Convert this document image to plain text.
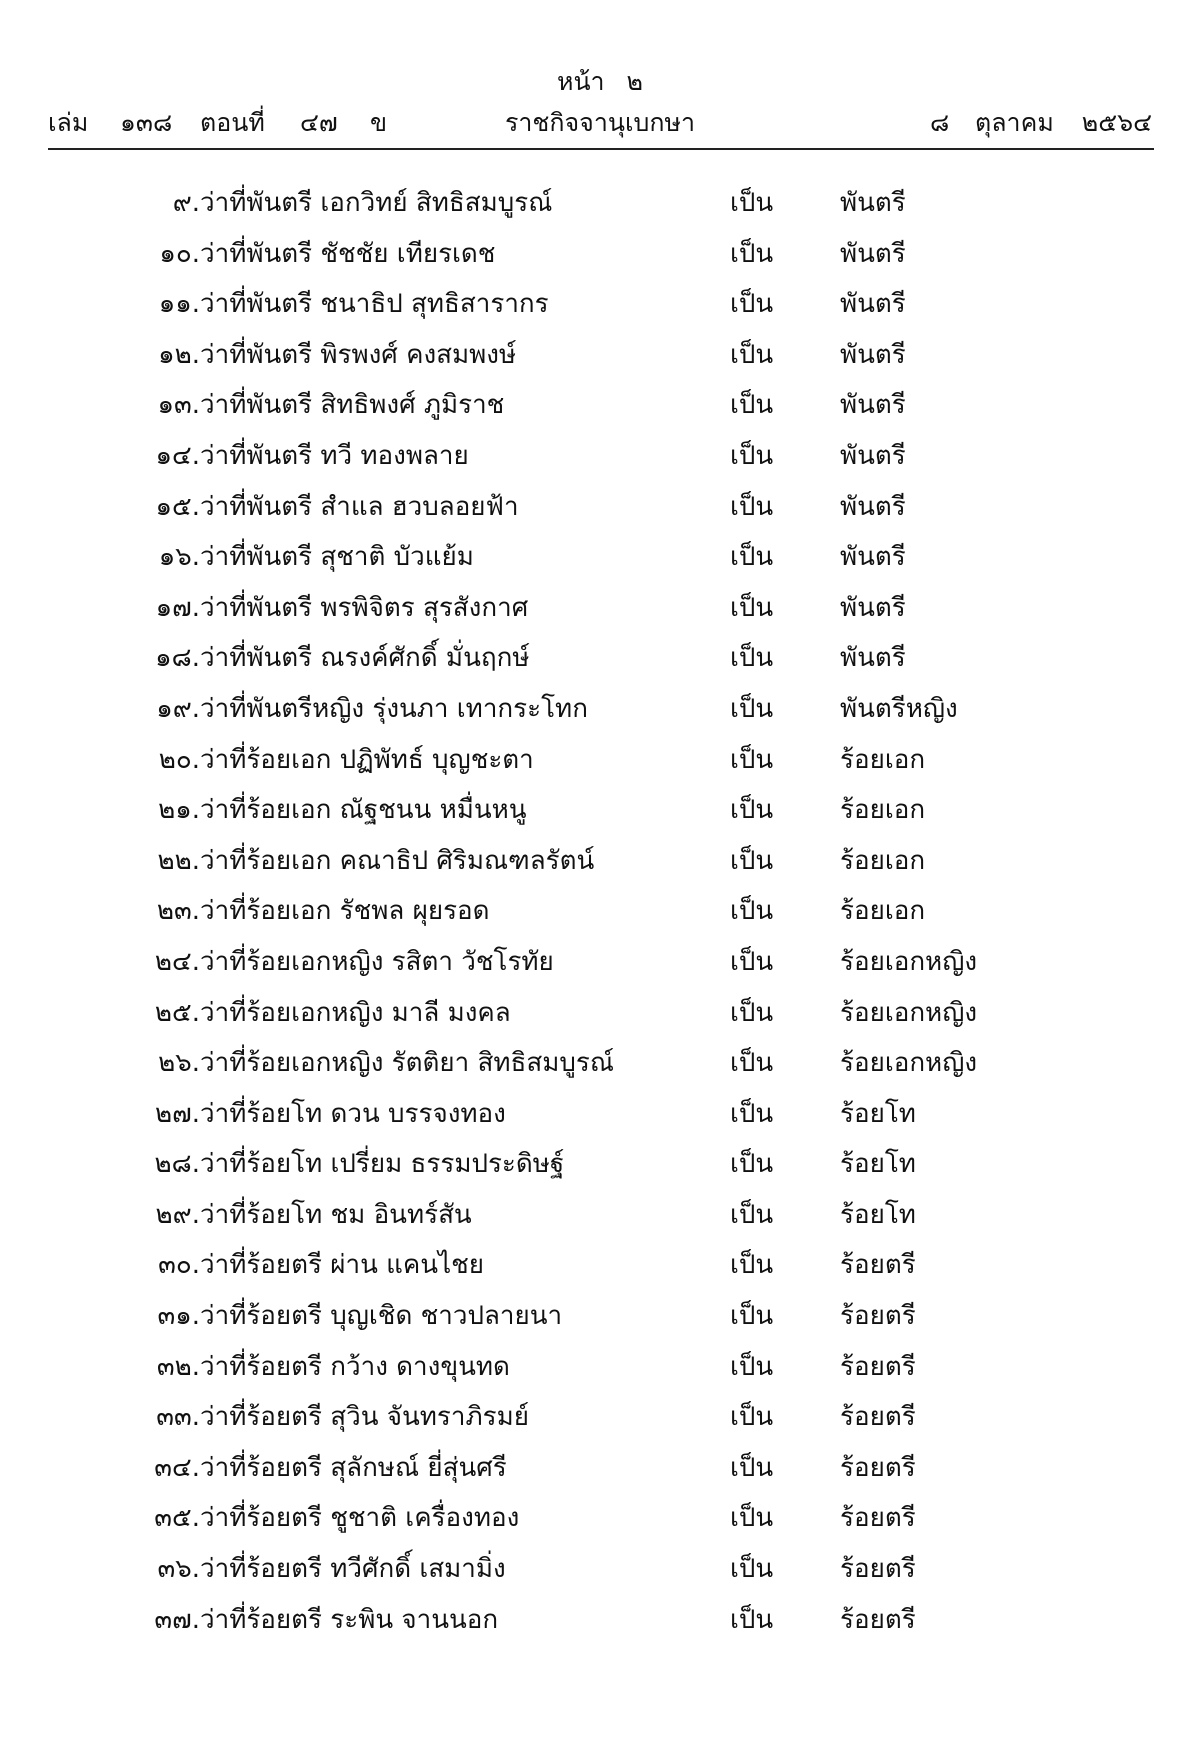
หน้า ๒
เล่ม ๑๓๘ ตอนที่ ๔๗ ข	ราชกิจจานุเบกษา	๘ ตุลาคม ๒๕๖๔
๙. ว่าที่พันตรี เอกวิทย์ สิทธิสมบูรณ์	เป็น	พันตรี
๑๐. ว่าที่พันตรี ชัชชัย เทียรเดช	เป็น	พันตรี
๑๑. ว่าที่พันตรี ชนาธิป สุทธิสารากร	เป็น	พันตรี
๑๒. ว่าที่พันตรี พิรพงศ์ คงสมพงษ์	เป็น	พันตรี
๑๓. ว่าที่พันตรี สิทธิพงศ์ ภูมิราช	เป็น	พันตรี
๑๔. ว่าที่พันตรี ทวี ทองพลาย	เป็น	พันตรี
๑๕. ว่าที่พันตรี สำแล ฮวบลอยฟ้า	เป็น	พันตรี
๑๖. ว่าที่พันตรี สุชาติ บัวแย้ม	เป็น	พันตรี
๑๗. ว่าที่พันตรี พรพิจิตร สุรสังกาศ	เป็น	พันตรี
๑๘. ว่าที่พันตรี ณรงค์ศักดิ์ มั่นฤกษ์	เป็น	พันตรี
๑๙. ว่าที่พันตรีหญิง รุ่งนภา เทากระโทก	เป็น	พันตรีหญิง
๒๐. ว่าที่ร้อยเอก ปฏิพัทธ์ บุญชะตา	เป็น	ร้อยเอก
๒๑. ว่าที่ร้อยเอก ณัฐชนน หมื่นหนู	เป็น	ร้อยเอก
๒๒. ว่าที่ร้อยเอก คณาธิป ศิริมณฑลรัตน์	เป็น	ร้อยเอก
๒๓. ว่าที่ร้อยเอก รัชพล ผุยรอด	เป็น	ร้อยเอก
๒๔. ว่าที่ร้อยเอกหญิง รสิตา วัชโรทัย	เป็น	ร้อยเอกหญิง
๒๕. ว่าที่ร้อยเอกหญิง มาลี มงคล	เป็น	ร้อยเอกหญิง
๒๖. ว่าที่ร้อยเอกหญิง รัตติยา สิทธิสมบูรณ์	เป็น	ร้อยเอกหญิง
๒๗. ว่าที่ร้อยโท ดวน บรรจงทอง	เป็น	ร้อยโท
๒๘. ว่าที่ร้อยโท เปรี่ยม ธรรมประดิษฐ์	เป็น	ร้อยโท
๒๙. ว่าที่ร้อยโท ชม อินทร์สัน	เป็น	ร้อยโท
๓๐. ว่าที่ร้อยตรี ผ่าน แคนไชย	เป็น	ร้อยตรี
๓๑. ว่าที่ร้อยตรี บุญเชิด ชาวปลายนา	เป็น	ร้อยตรี
๓๒. ว่าที่ร้อยตรี กว้าง ดางขุนทด	เป็น	ร้อยตรี
๓๓. ว่าที่ร้อยตรี สุวิน จันทราภิรมย์	เป็น	ร้อยตรี
๓๔. ว่าที่ร้อยตรี สุลักษณ์ ยี่สุ่นศรี	เป็น	ร้อยตรี
๓๕. ว่าที่ร้อยตรี ชูชาติ เครื่องทอง	เป็น	ร้อยตรี
๓๖. ว่าที่ร้อยตรี ทวีศักดิ์ เสมามิ่ง	เป็น	ร้อยตรี
๓๗. ว่าที่ร้อยตรี ระพิน จานนอก	เป็น	ร้อยตรี
